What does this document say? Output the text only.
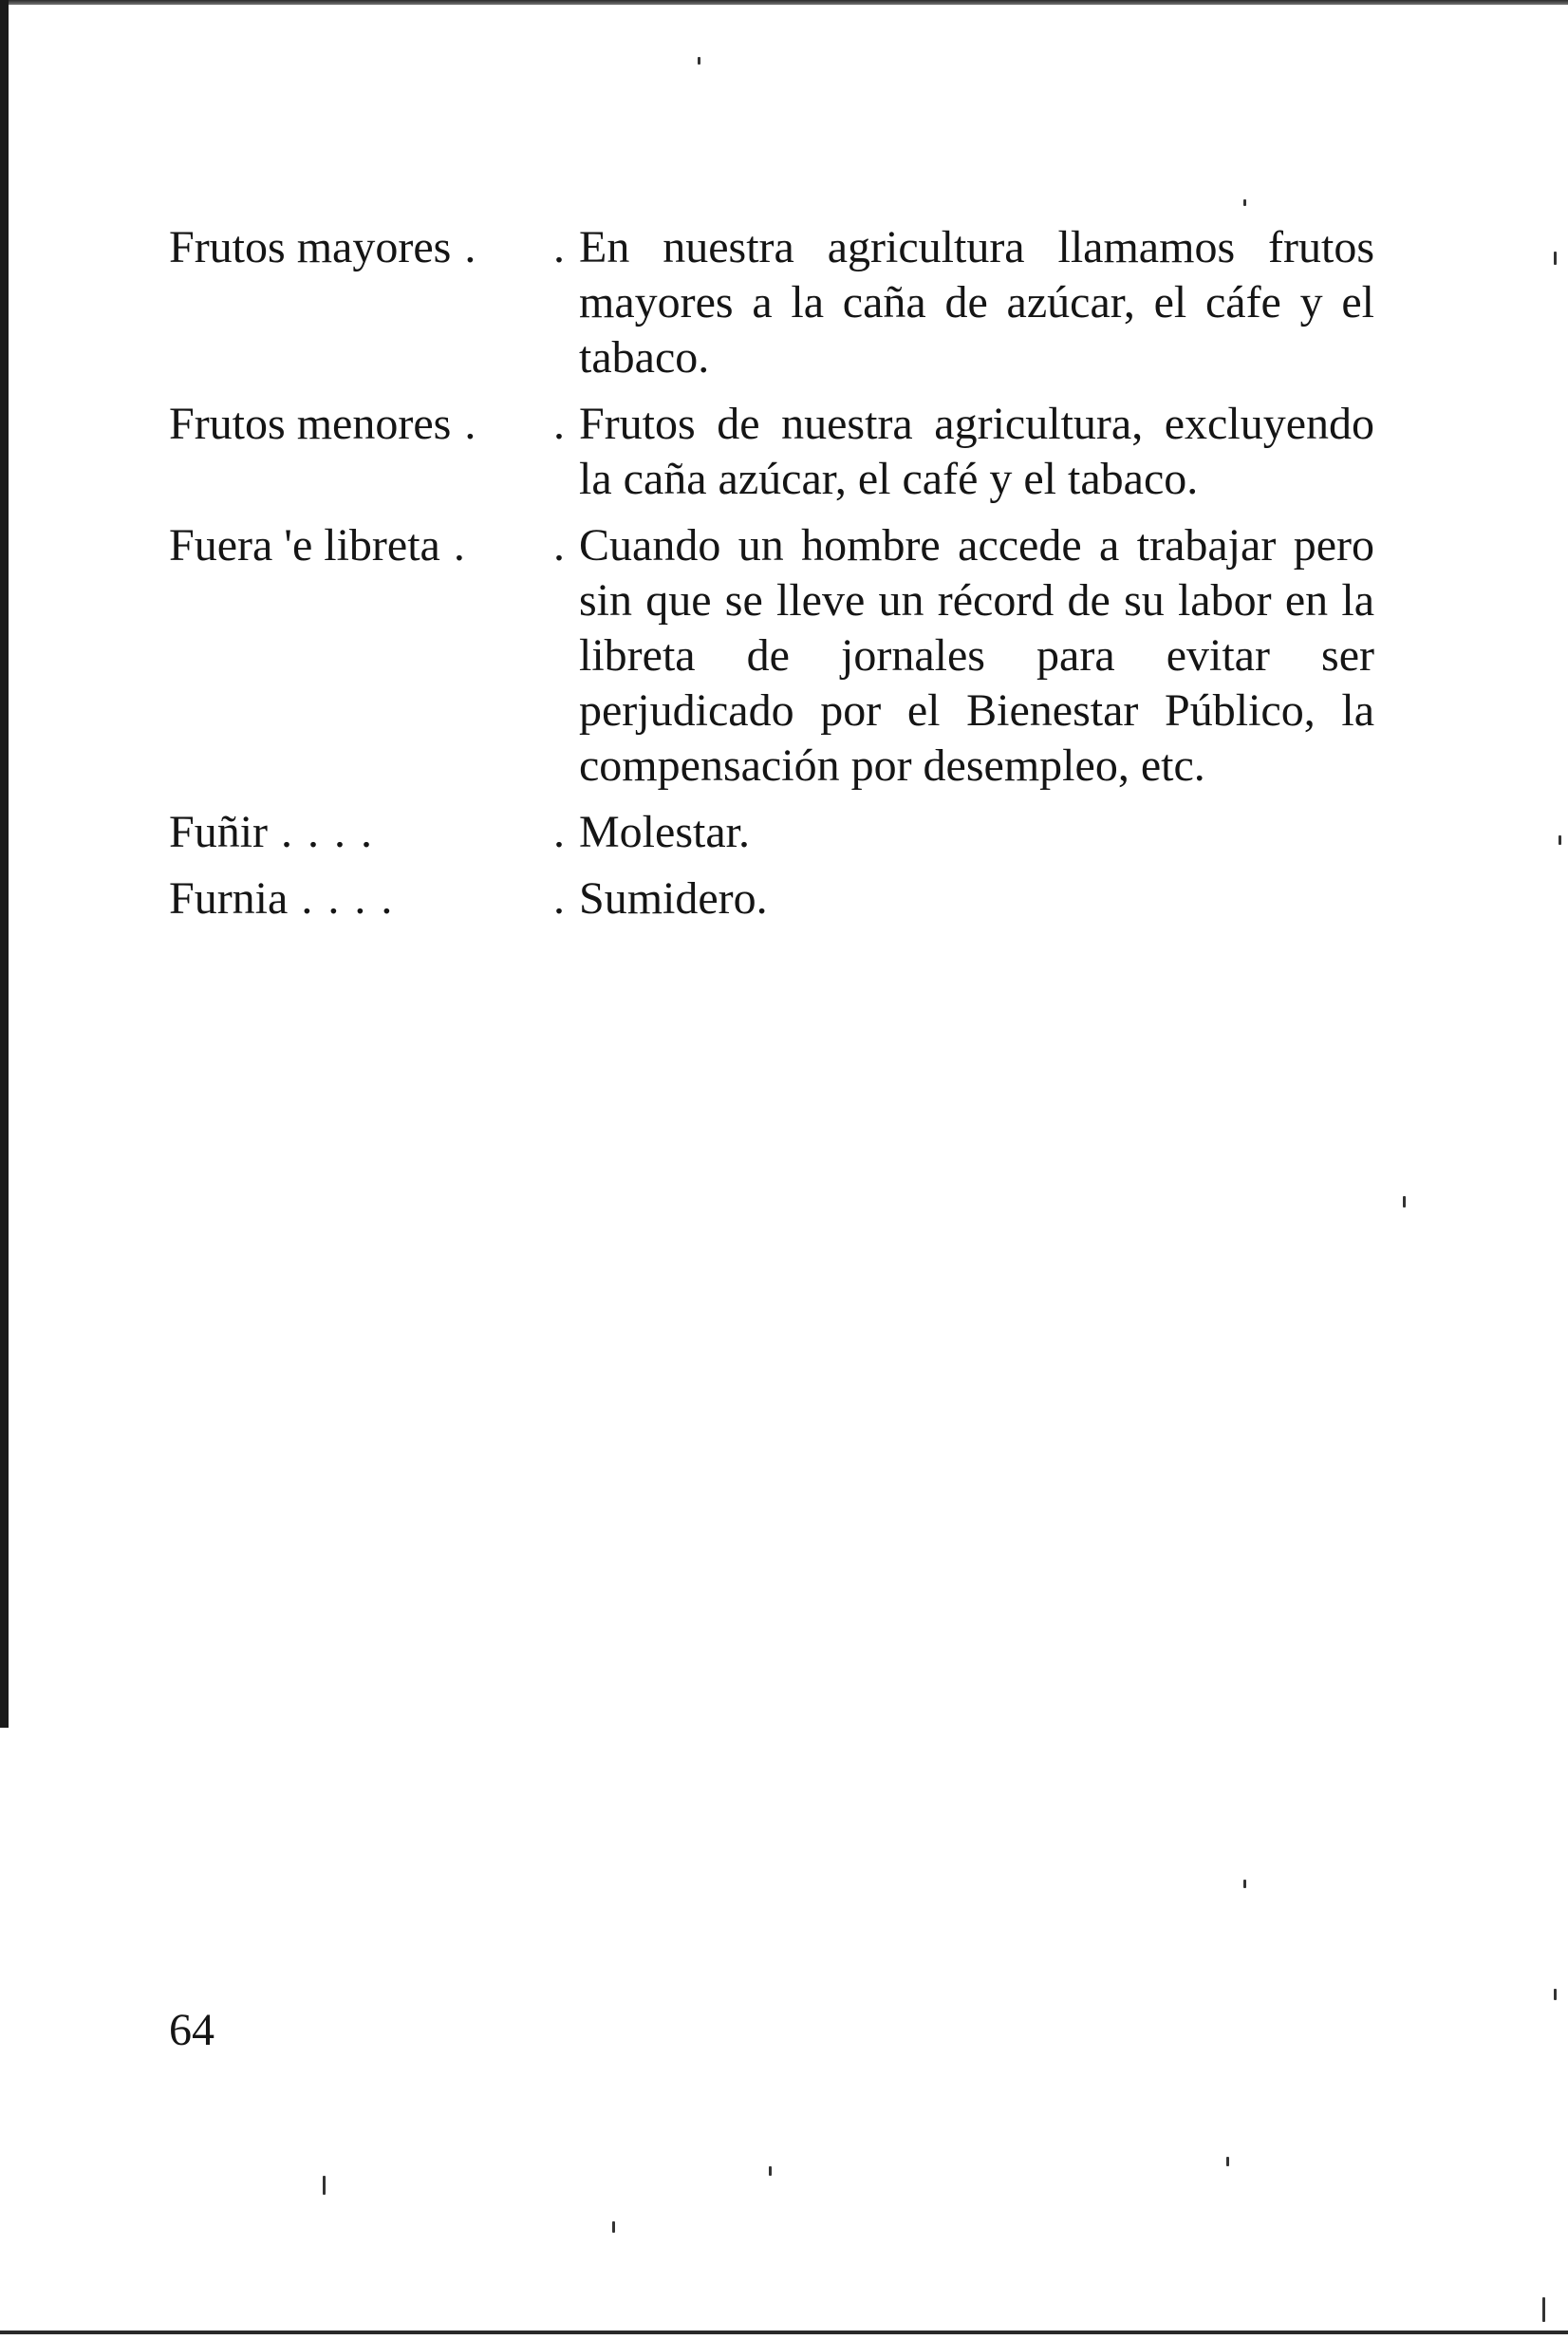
Frutos mayores .	. En nuestra agricultura llamamos frutos mayores a la caña de azúcar, el cáfe y el tabaco.
Frutos menores .	. Frutos de nuestra agricultura, excluyendo la caña azúcar, el café y el tabaco.
Fuera 'e libreta .	. Cuando un hombre accede a trabajar pero sin que se lleve un récord de su labor en la libreta de jornales para evitar ser perjudicado por el Bienestar Público, la compensación por desempleo, etc.
Fuñir . . . .	. Molestar.
Furnia . . . .	. Sumidero.
64
